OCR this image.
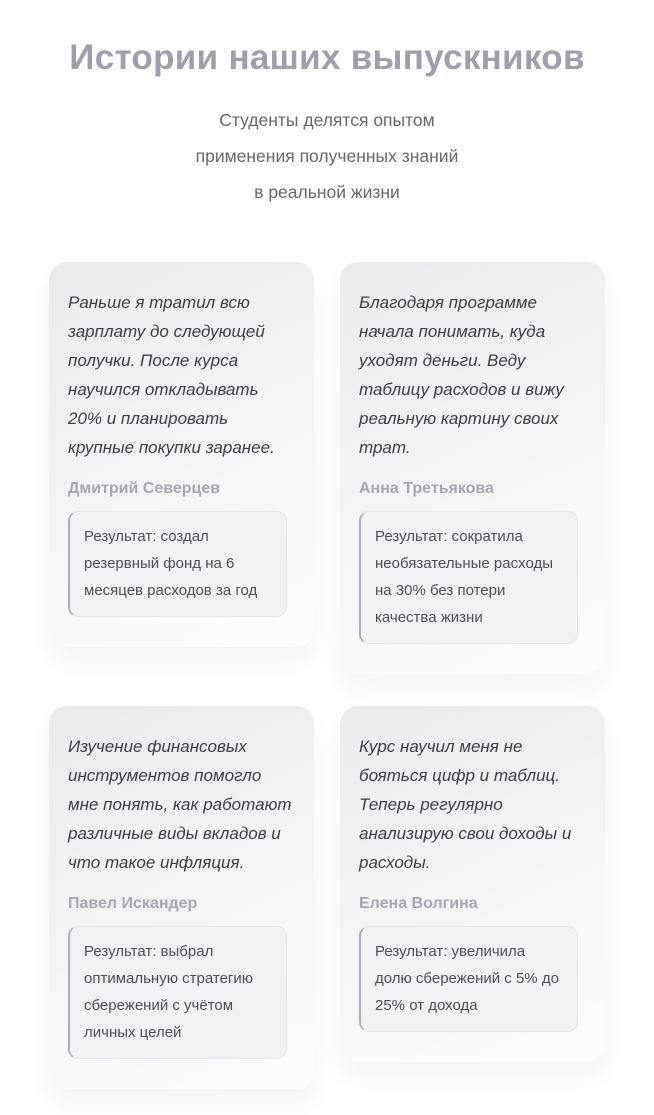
Истории наших выпускников
Студенты делятся опытом
применения полученных знаний
в реальной жизни

Раньше я тратил всю зарплату до следующей получки. После курса научился откладывать 20% и планировать крупные покупки заранее.

Дмитрий Северцев
Результат: создал резервный фонд на 6 месяцев расходов за год

Благодаря программе начала понимать, куда уходят деньги. Веду таблицу расходов и вижу реальную картину своих трат.

Анна Третьякова
Результат: сократила необязательные расходы на 30% без потери качества жизни

Изучение финансовых инструментов помогло мне понять, как работают различные виды вкладов и что такое инфляция.

Павел Искандер
Результат: выбрал оптимальную стратегию сбережений с учётом личных целей

Курс научил меня не бояться цифр и таблиц. Теперь регулярно анализирую свои доходы и расходы.

Елена Волгина
Результат: увеличила долю сбережений с 5% до 25% от дохода
